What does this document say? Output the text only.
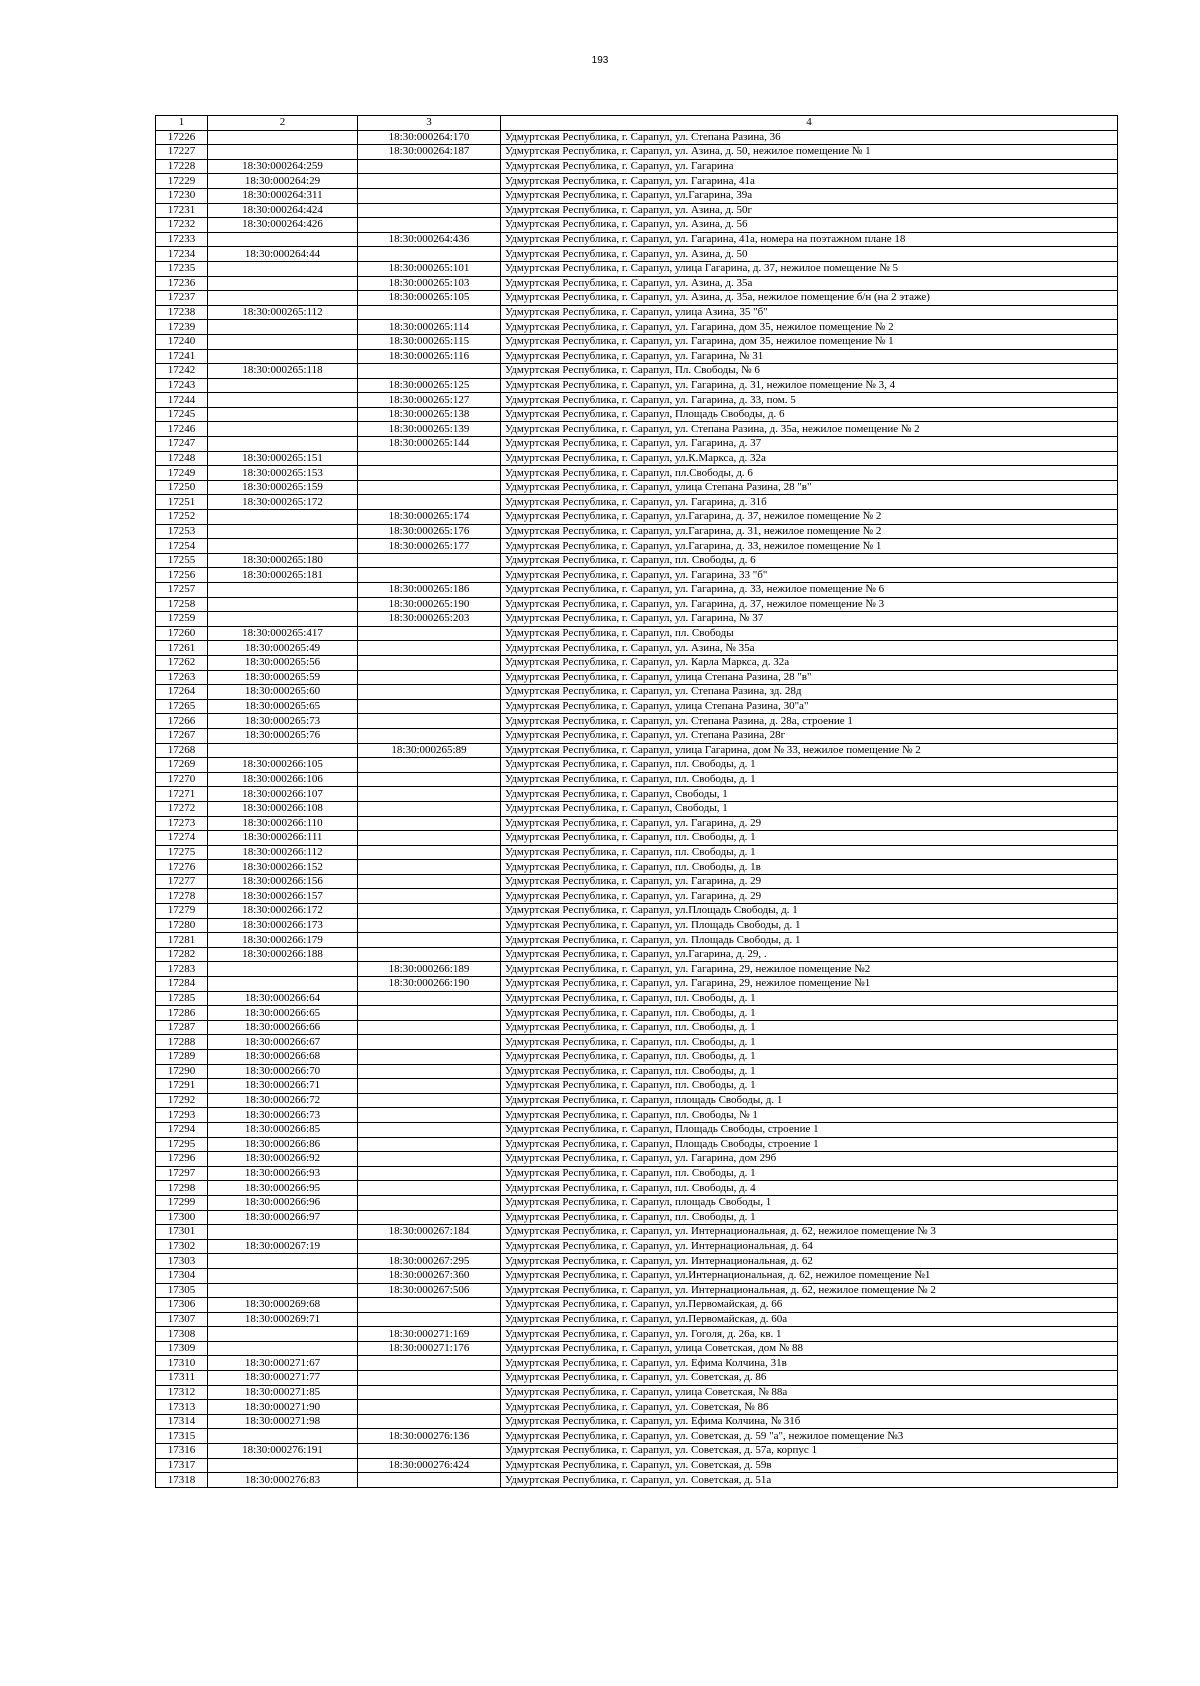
193
1	2	3	4
17226		18:30:000264:170	Удмуртская Республика, г. Сарапул, ул. Степана Разина, 36
17227		18:30:000264:187	Удмуртская Республика, г. Сарапул, ул. Азина, д. 50, нежилое помещение № 1
17228	18:30:000264:259		Удмуртская Республика, г. Сарапул, ул. Гагарина
17229	18:30:000264:29		Удмуртская Республика, г. Сарапул, ул. Гагарина, 41а
17230	18:30:000264:311		Удмуртская Республика, г. Сарапул, ул.Гагарина, 39а
17231	18:30:000264:424		Удмуртская Республика, г. Сарапул, ул. Азина, д. 50г
17232	18:30:000264:426		Удмуртская Республика, г. Сарапул, ул. Азина, д. 56
17233		18:30:000264:436	Удмуртская Республика, г. Сарапул, ул. Гагарина, 41а, номера на поэтажном плане 18
17234	18:30:000264:44		Удмуртская Республика, г. Сарапул, ул. Азина, д. 50
17235		18:30:000265:101	Удмуртская Республика, г. Сарапул, улица Гагарина, д. 37, нежилое помещение № 5
17236		18:30:000265:103	Удмуртская Республика, г. Сарапул, ул. Азина, д. 35а
17237		18:30:000265:105	Удмуртская Республика, г. Сарапул, ул. Азина, д. 35а, нежилое помещение б/н (на 2 этаже)
17238	18:30:000265:112		Удмуртская Республика, г. Сарапул, улица Азина, 35 "б"
17239		18:30:000265:114	Удмуртская Республика, г. Сарапул, ул. Гагарина, дом 35, нежилое помещение № 2
17240		18:30:000265:115	Удмуртская Республика, г. Сарапул, ул. Гагарина, дом 35, нежилое помещение № 1
17241		18:30:000265:116	Удмуртская Республика, г. Сарапул, ул. Гагарина, № 31
17242	18:30:000265:118		Удмуртская Республика, г. Сарапул, Пл. Свободы, № 6
17243		18:30:000265:125	Удмуртская Республика, г. Сарапул, ул. Гагарина, д. 31, нежилое помещение № 3, 4
17244		18:30:000265:127	Удмуртская Республика, г. Сарапул, ул. Гагарина, д. 33, пом. 5
17245		18:30:000265:138	Удмуртская Республика, г. Сарапул, Площадь Свободы, д. 6
17246		18:30:000265:139	Удмуртская Республика, г. Сарапул, ул. Степана Разина, д. 35а, нежилое помещение № 2
17247		18:30:000265:144	Удмуртская Республика, г. Сарапул, ул. Гагарина, д. 37
17248	18:30:000265:151		Удмуртская Республика, г. Сарапул, ул.К.Маркса, д. 32а
17249	18:30:000265:153		Удмуртская Республика, г. Сарапул, пл.Свободы, д. 6
17250	18:30:000265:159		Удмуртская Республика, г. Сарапул, улица Степана Разина, 28 "в"
17251	18:30:000265:172		Удмуртская Республика, г. Сарапул, ул. Гагарина, д. 31б
17252		18:30:000265:174	Удмуртская Республика, г. Сарапул, ул.Гагарина, д. 37, нежилое помещение № 2
17253		18:30:000265:176	Удмуртская Республика, г. Сарапул, ул.Гагарина, д. 31, нежилое помещение № 2
17254		18:30:000265:177	Удмуртская Республика, г. Сарапул, ул.Гагарина, д. 33, нежилое помещение № 1
17255	18:30:000265:180		Удмуртская Республика, г. Сарапул, пл. Свободы, д. 6
17256	18:30:000265:181		Удмуртская Республика, г. Сарапул, ул. Гагарина, 33 "б"
17257		18:30:000265:186	Удмуртская Республика, г. Сарапул, ул. Гагарина, д. 33, нежилое помещение № 6
17258		18:30:000265:190	Удмуртская Республика, г. Сарапул, ул. Гагарина, д. 37, нежилое помещение № 3
17259		18:30:000265:203	Удмуртская Республика, г. Сарапул, ул. Гагарина, № 37
17260	18:30:000265:417		Удмуртская Республика, г. Сарапул, пл. Свободы
17261	18:30:000265:49		Удмуртская Республика, г. Сарапул, ул. Азина, № 35а
17262	18:30:000265:56		Удмуртская Республика, г. Сарапул, ул. Карла Маркса, д. 32а
17263	18:30:000265:59		Удмуртская Республика, г. Сарапул, улица Степана Разина, 28 "в"
17264	18:30:000265:60		Удмуртская Республика, г. Сарапул, ул. Степана Разина, зд. 28д
17265	18:30:000265:65		Удмуртская Республика, г. Сарапул, улица Степана Разина, 30"а"
17266	18:30:000265:73		Удмуртская Республика, г. Сарапул, ул. Степана Разина, д. 28а, строение 1
17267	18:30:000265:76		Удмуртская Республика, г. Сарапул, ул. Степана Разина, 28г
17268		18:30:000265:89	Удмуртская Республика, г. Сарапул, улица Гагарина, дом № 33, нежилое помещение № 2
17269	18:30:000266:105		Удмуртская Республика, г. Сарапул, пл. Свободы, д. 1
17270	18:30:000266:106		Удмуртская Республика, г. Сарапул, пл. Свободы, д. 1
17271	18:30:000266:107		Удмуртская Республика, г. Сарапул, Свободы, 1
17272	18:30:000266:108		Удмуртская Республика, г. Сарапул, Свободы, 1
17273	18:30:000266:110		Удмуртская Республика, г. Сарапул, ул. Гагарина, д. 29
17274	18:30:000266:111		Удмуртская Республика, г. Сарапул, пл. Свободы, д. 1
17275	18:30:000266:112		Удмуртская Республика, г. Сарапул, пл. Свободы, д. 1
17276	18:30:000266:152		Удмуртская Республика, г. Сарапул, пл. Свободы, д. 1в
17277	18:30:000266:156		Удмуртская Республика, г. Сарапул, ул. Гагарина, д. 29
17278	18:30:000266:157		Удмуртская Республика, г. Сарапул, ул. Гагарина, д. 29
17279	18:30:000266:172		Удмуртская Республика, г. Сарапул, ул.Площадь Свободы, д. 1
17280	18:30:000266:173		Удмуртская Республика, г. Сарапул, ул. Площадь Свободы, д. 1
17281	18:30:000266:179		Удмуртская Республика, г. Сарапул, ул. Площадь Свободы, д. 1
17282	18:30:000266:188		Удмуртская Республика, г. Сарапул, ул.Гагарина, д. 29, .
17283		18:30:000266:189	Удмуртская Республика, г. Сарапул, ул. Гагарина, 29, нежилое помещение №2
17284		18:30:000266:190	Удмуртская Республика, г. Сарапул, ул. Гагарина, 29, нежилое помещение №1
17285	18:30:000266:64		Удмуртская Республика, г. Сарапул, пл. Свободы, д. 1
17286	18:30:000266:65		Удмуртская Республика, г. Сарапул, пл. Свободы, д. 1
17287	18:30:000266:66		Удмуртская Республика, г. Сарапул, пл. Свободы, д. 1
17288	18:30:000266:67		Удмуртская Республика, г. Сарапул, пл. Свободы, д. 1
17289	18:30:000266:68		Удмуртская Республика, г. Сарапул, пл. Свободы, д. 1
17290	18:30:000266:70		Удмуртская Республика, г. Сарапул, пл. Свободы, д. 1
17291	18:30:000266:71		Удмуртская Республика, г. Сарапул, пл. Свободы, д. 1
17292	18:30:000266:72		Удмуртская Республика, г. Сарапул, площадь Свободы, д. 1
17293	18:30:000266:73		Удмуртская Республика, г. Сарапул, пл. Свободы, № 1
17294	18:30:000266:85		Удмуртская Республика, г. Сарапул, Площадь Свободы, строение 1
17295	18:30:000266:86		Удмуртская Республика, г. Сарапул, Площадь Свободы, строение 1
17296	18:30:000266:92		Удмуртская Республика, г. Сарапул, ул. Гагарина, дом 29б
17297	18:30:000266:93		Удмуртская Республика, г. Сарапул, пл. Свободы, д. 1
17298	18:30:000266:95		Удмуртская Республика, г. Сарапул, пл. Свободы, д. 4
17299	18:30:000266:96		Удмуртская Республика, г. Сарапул, площадь Свободы, 1
17300	18:30:000266:97		Удмуртская Республика, г. Сарапул, пл. Свободы, д. 1
17301		18:30:000267:184	Удмуртская Республика, г. Сарапул, ул. Интернациональная, д. 62, нежилое помещение № 3
17302	18:30:000267:19		Удмуртская Республика, г. Сарапул, ул. Интернациональная, д. 64
17303		18:30:000267:295	Удмуртская Республика, г. Сарапул, ул. Интернациональная, д. 62
17304		18:30:000267:360	Удмуртская Республика, г. Сарапул, ул.Интернациональная, д. 62, нежилое помещение №1
17305		18:30:000267:506	Удмуртская Республика, г. Сарапул, ул. Интернациональная, д. 62, нежилое помещение № 2
17306	18:30:000269:68		Удмуртская Республика, г. Сарапул, ул.Первомайская, д. 66
17307	18:30:000269:71		Удмуртская Республика, г. Сарапул, ул.Первомайская, д. 60а
17308		18:30:000271:169	Удмуртская Республика, г. Сарапул, ул. Гоголя, д. 26а, кв. 1
17309		18:30:000271:176	Удмуртская Республика, г. Сарапул, улица Советская, дом № 88
17310	18:30:000271:67		Удмуртская Республика, г. Сарапул, ул. Ефима Колчина, 31в
17311	18:30:000271:77		Удмуртская Республика, г. Сарапул, ул. Советская, д. 86
17312	18:30:000271:85		Удмуртская Республика, г. Сарапул, улица Советская, № 88а
17313	18:30:000271:90		Удмуртская Республика, г. Сарапул, ул. Советская, № 86
17314	18:30:000271:98		Удмуртская Республика, г. Сарапул, ул. Ефима Колчина, № 31б
17315		18:30:000276:136	Удмуртская Республика, г. Сарапул, ул. Советская, д. 59 "а", нежилое помещение №3
17316	18:30:000276:191		Удмуртская Республика, г. Сарапул, ул. Советская, д. 57а, корпус 1
17317		18:30:000276:424	Удмуртская Республика, г. Сарапул, ул. Советская, д. 59в
17318	18:30:000276:83		Удмуртская Республика, г. Сарапул, ул. Советская, д. 51а
